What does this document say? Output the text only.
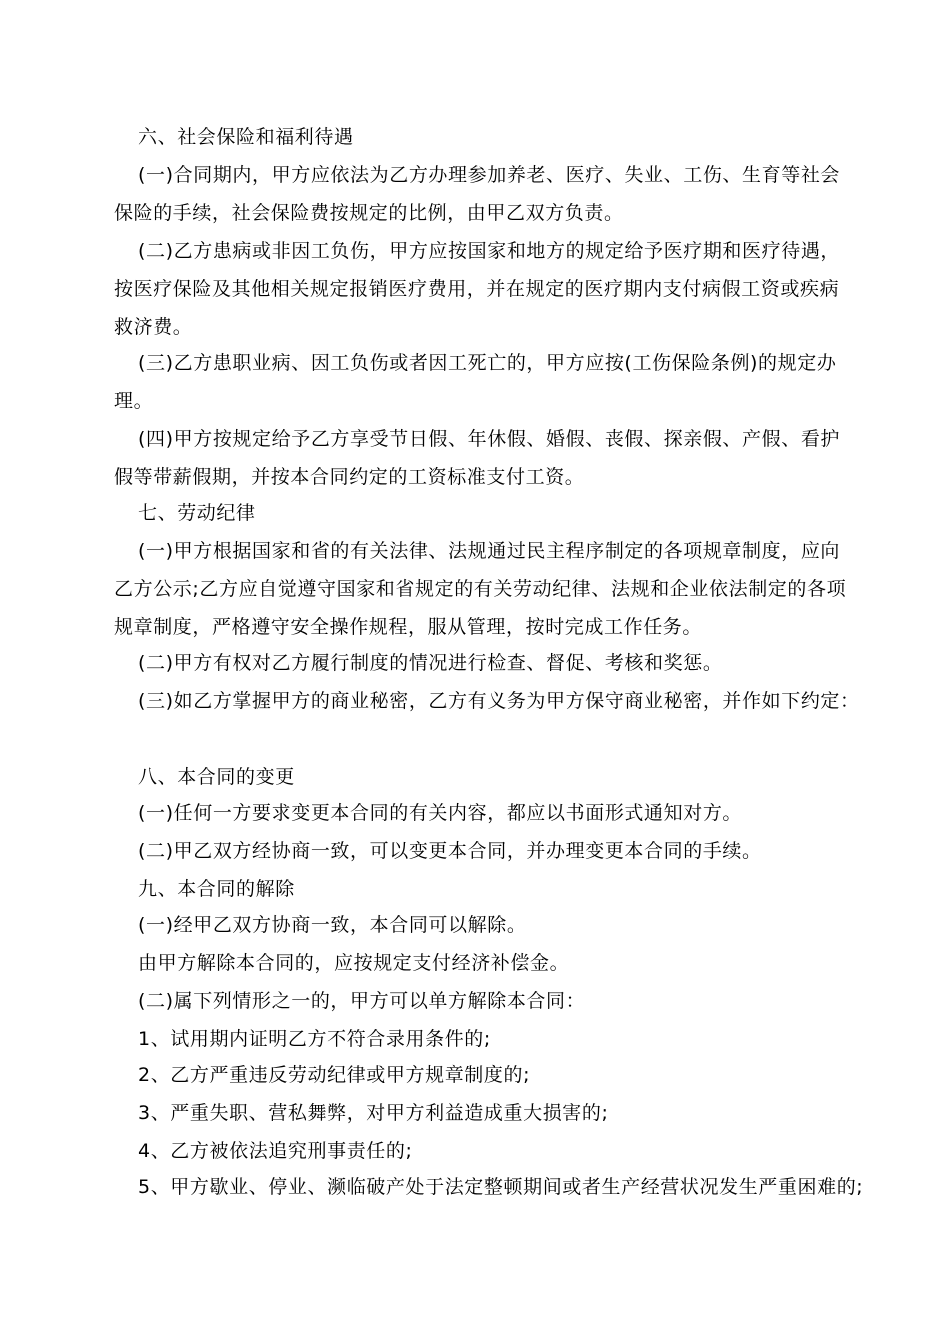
六、社会保险和福利待遇
(一)合同期内，甲方应依法为乙方办理参加养老、医疗、失业、工伤、生育等社会
保险的手续，社会保险费按规定的比例，由甲乙双方负责。
(二)乙方患病或非因工负伤，甲方应按国家和地方的规定给予医疗期和医疗待遇，
按医疗保险及其他相关规定报销医疗费用，并在规定的医疗期内支付病假工资或疾病
救济费。
(三)乙方患职业病、因工负伤或者因工死亡的，甲方应按(工伤保险条例)的规定办
理。
(四)甲方按规定给予乙方享受节日假、年休假、婚假、丧假、探亲假、产假、看护
假等带薪假期，并按本合同约定的工资标准支付工资。
七、劳动纪律
(一)甲方根据国家和省的有关法律、法规通过民主程序制定的各项规章制度，应向
乙方公示;乙方应自觉遵守国家和省规定的有关劳动纪律、法规和企业依法制定的各项
规章制度，严格遵守安全操作规程，服从管理，按时完成工作任务。
(二)甲方有权对乙方履行制度的情况进行检查、督促、考核和奖惩。
(三)如乙方掌握甲方的商业秘密，乙方有义务为甲方保守商业秘密，并作如下约定：
八、本合同的变更
(一)任何一方要求变更本合同的有关内容，都应以书面形式通知对方。
(二)甲乙双方经协商一致，可以变更本合同，并办理变更本合同的手续。
九、本合同的解除
(一)经甲乙双方协商一致，本合同可以解除。
由甲方解除本合同的，应按规定支付经济补偿金。
(二)属下列情形之一的，甲方可以单方解除本合同：
1、试用期内证明乙方不符合录用条件的;
2、乙方严重违反劳动纪律或甲方规章制度的;
3、严重失职、营私舞弊，对甲方利益造成重大损害的;
4、乙方被依法追究刑事责任的;
5、甲方歇业、停业、濒临破产处于法定整顿期间或者生产经营状况发生严重困难的;
